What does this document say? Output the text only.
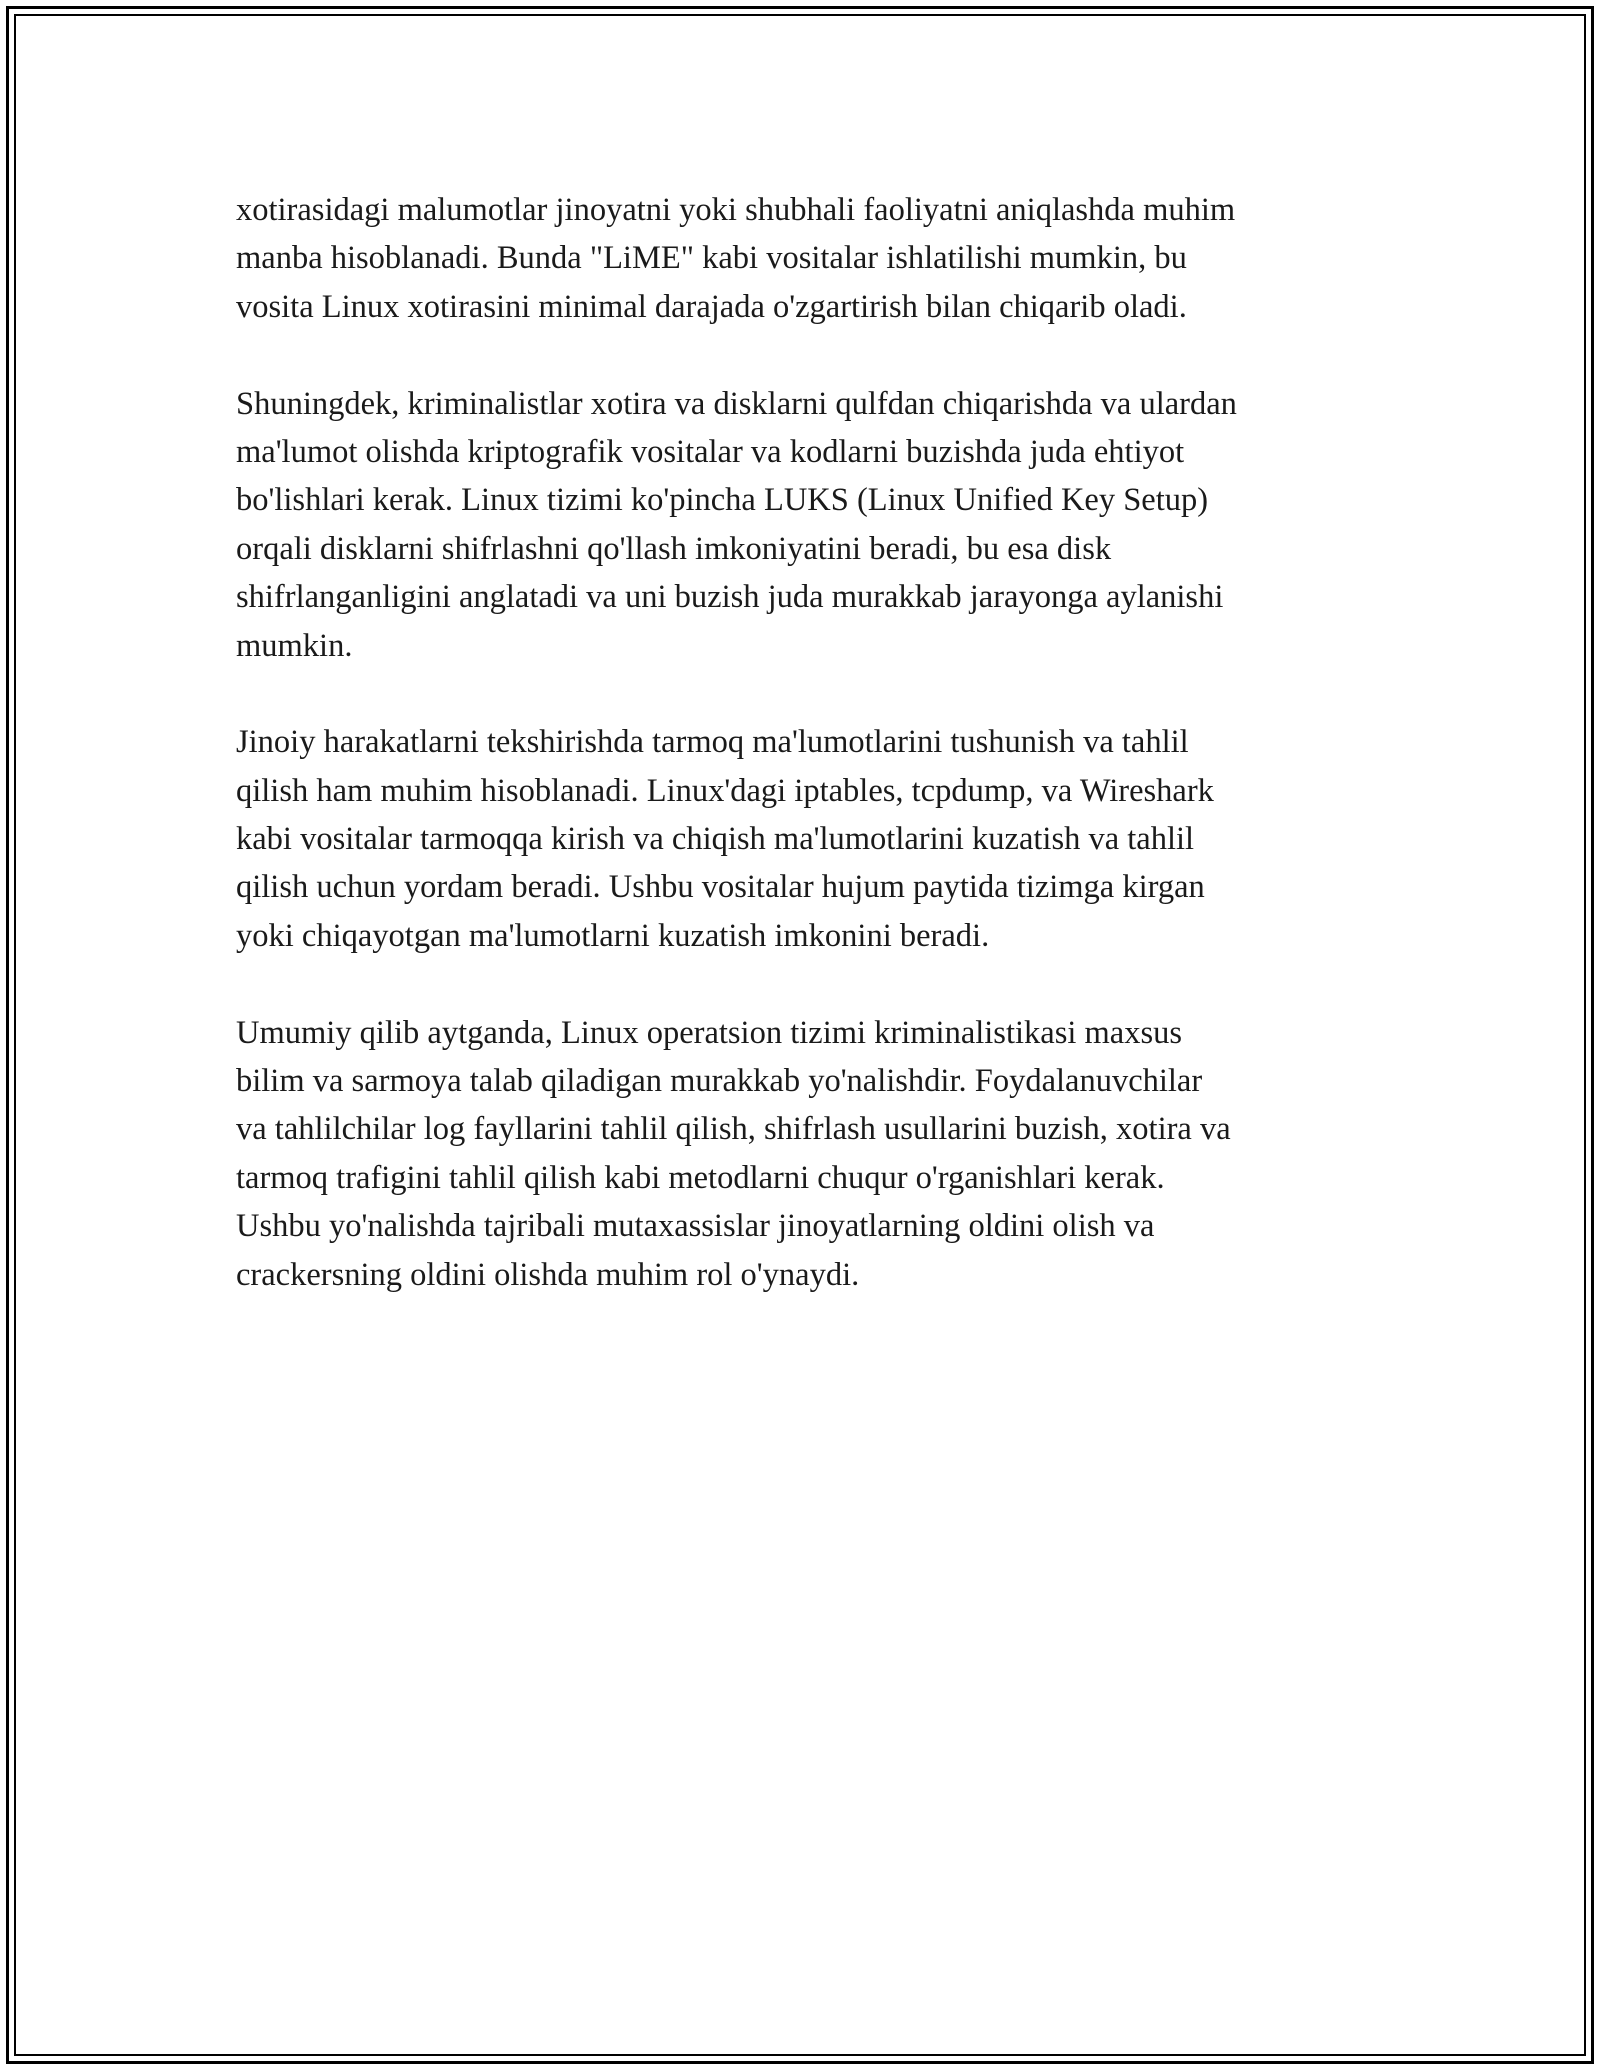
xotirasidagi malumotlar jinoyatni yoki shubhali faoliyatni aniqlashda muhim
manba hisoblanadi. Bunda "LiME" kabi vositalar ishlatilishi mumkin, bu
vosita Linux xotirasini minimal darajada o'zgartirish bilan chiqarib oladi.
Shuningdek, kriminalistlar xotira va disklarni qulfdan chiqarishda va ulardan
ma'lumot olishda kriptografik vositalar va kodlarni buzishda juda ehtiyot
bo'lishlari kerak. Linux tizimi ko'pincha LUKS (Linux Unified Key Setup)
orqali disklarni shifrlashni qo'llash imkoniyatini beradi, bu esa disk
shifrlanganligini anglatadi va uni buzish juda murakkab jarayonga aylanishi
mumkin.
Jinoiy harakatlarni tekshirishda tarmoq ma'lumotlarini tushunish va tahlil
qilish ham muhim hisoblanadi. Linux'dagi iptables, tcpdump, va Wireshark
kabi vositalar tarmoqqa kirish va chiqish ma'lumotlarini kuzatish va tahlil
qilish uchun yordam beradi. Ushbu vositalar hujum paytida tizimga kirgan
yoki chiqayotgan ma'lumotlarni kuzatish imkonini beradi.
Umumiy qilib aytganda, Linux operatsion tizimi kriminalistikasi maxsus
bilim va sarmoya talab qiladigan murakkab yo'nalishdir. Foydalanuvchilar
va tahlilchilar log fayllarini tahlil qilish, shifrlash usullarini buzish, xotira va
tarmoq trafigini tahlil qilish kabi metodlarni chuqur o'rganishlari kerak.
Ushbu yo'nalishda tajribali mutaxassislar jinoyatlarning oldini olish va
crackersning oldini olishda muhim rol o'ynaydi.
